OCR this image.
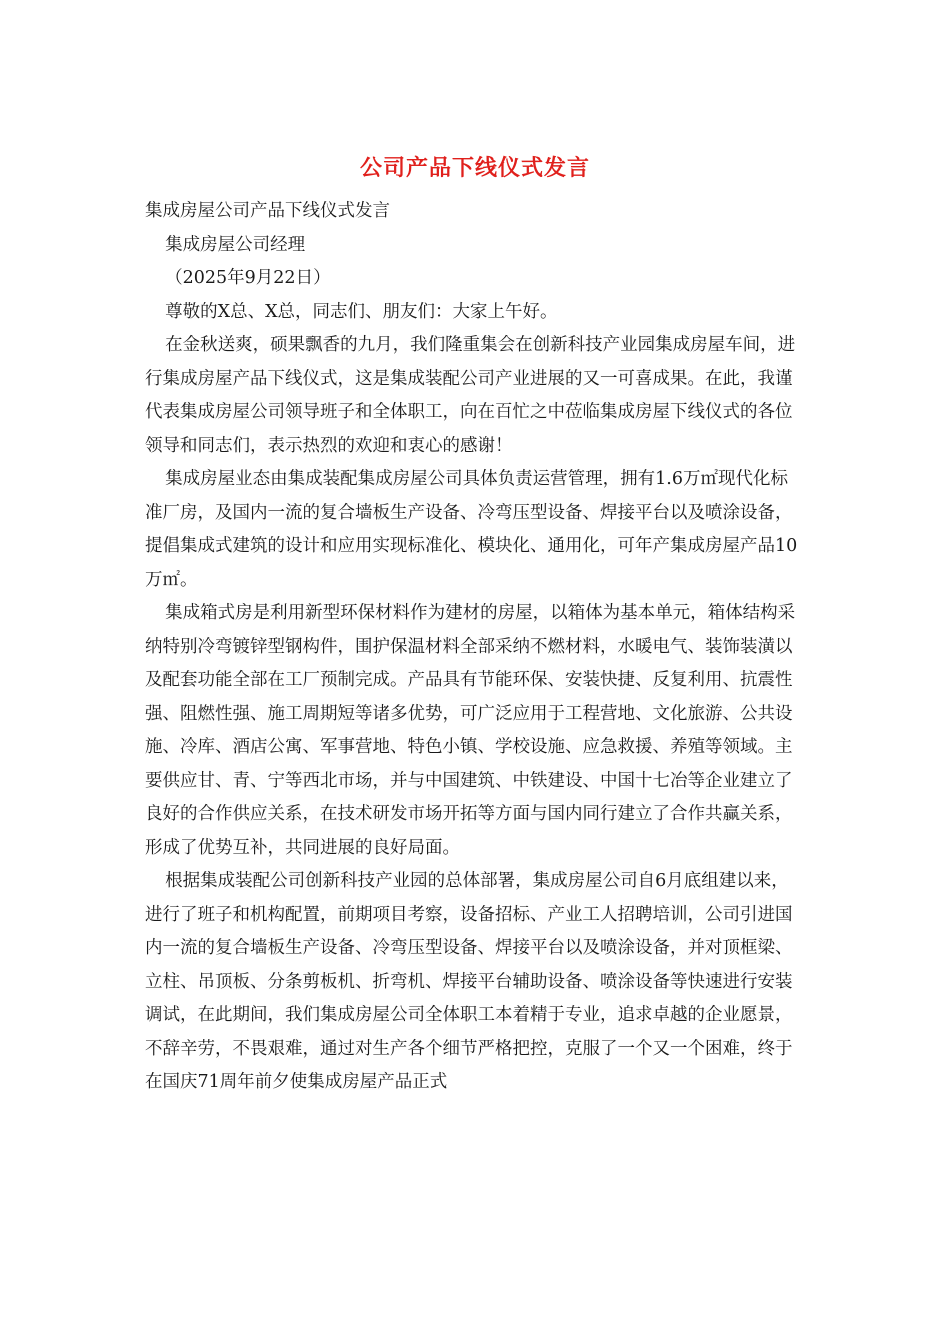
公司产品下线仪式发言

集成房屋公司产品下线仪式发言

集成房屋公司经理

（2025年9月22日）

尊敬的X总、X总，同志们、朋友们：大家上午好。

在金秋送爽，硕果飘香的九月，我们隆重集会在创新科技产业园集成房屋车间，进行集成房屋产品下线仪式，这是集成装配公司产业进展的又一可喜成果。在此，我谨代表集成房屋公司领导班子和全体职工，向在百忙之中莅临集成房屋下线仪式的各位领导和同志们，表示热烈的欢迎和衷心的感谢！

集成房屋业态由集成装配集成房屋公司具体负责运营管理，拥有1.6万㎡现代化标准厂房，及国内一流的复合墙板生产设备、冷弯压型设备、焊接平台以及喷涂设备，提倡集成式建筑的设计和应用实现标准化、模块化、通用化，可年产集成房屋产品10万㎡。

集成箱式房是利用新型环保材料作为建材的房屋，以箱体为基本单元，箱体结构采纳特别冷弯镀锌型钢构件，围护保温材料全部采纳不燃材料，水暖电气、装饰装潢以及配套功能全部在工厂预制完成。产品具有节能环保、安装快捷、反复利用、抗震性强、阻燃性强、施工周期短等诸多优势，可广泛应用于工程营地、文化旅游、公共设施、冷库、酒店公寓、军事营地、特色小镇、学校设施、应急救援、养殖等领域。主要供应甘、青、宁等西北市场，并与中国建筑、中铁建设、中国十七冶等企业建立了良好的合作供应关系，在技术研发市场开拓等方面与国内同行建立了合作共赢关系，形成了优势互补，共同进展的良好局面。

根据集成装配公司创新科技产业园的总体部署，集成房屋公司自6月底组建以来，进行了班子和机构配置，前期项目考察，设备招标、产业工人招聘培训，公司引进国内一流的复合墙板生产设备、冷弯压型设备、焊接平台以及喷涂设备，并对顶框梁、立柱、吊顶板、分条剪板机、折弯机、焊接平台辅助设备、喷涂设备等快速进行安装调试，在此期间，我们集成房屋公司全体职工本着精于专业，追求卓越的企业愿景，不辞辛劳，不畏艰难，通过对生产各个细节严格把控，克服了一个又一个困难，终于在国庆71周年前夕使集成房屋产品正式
